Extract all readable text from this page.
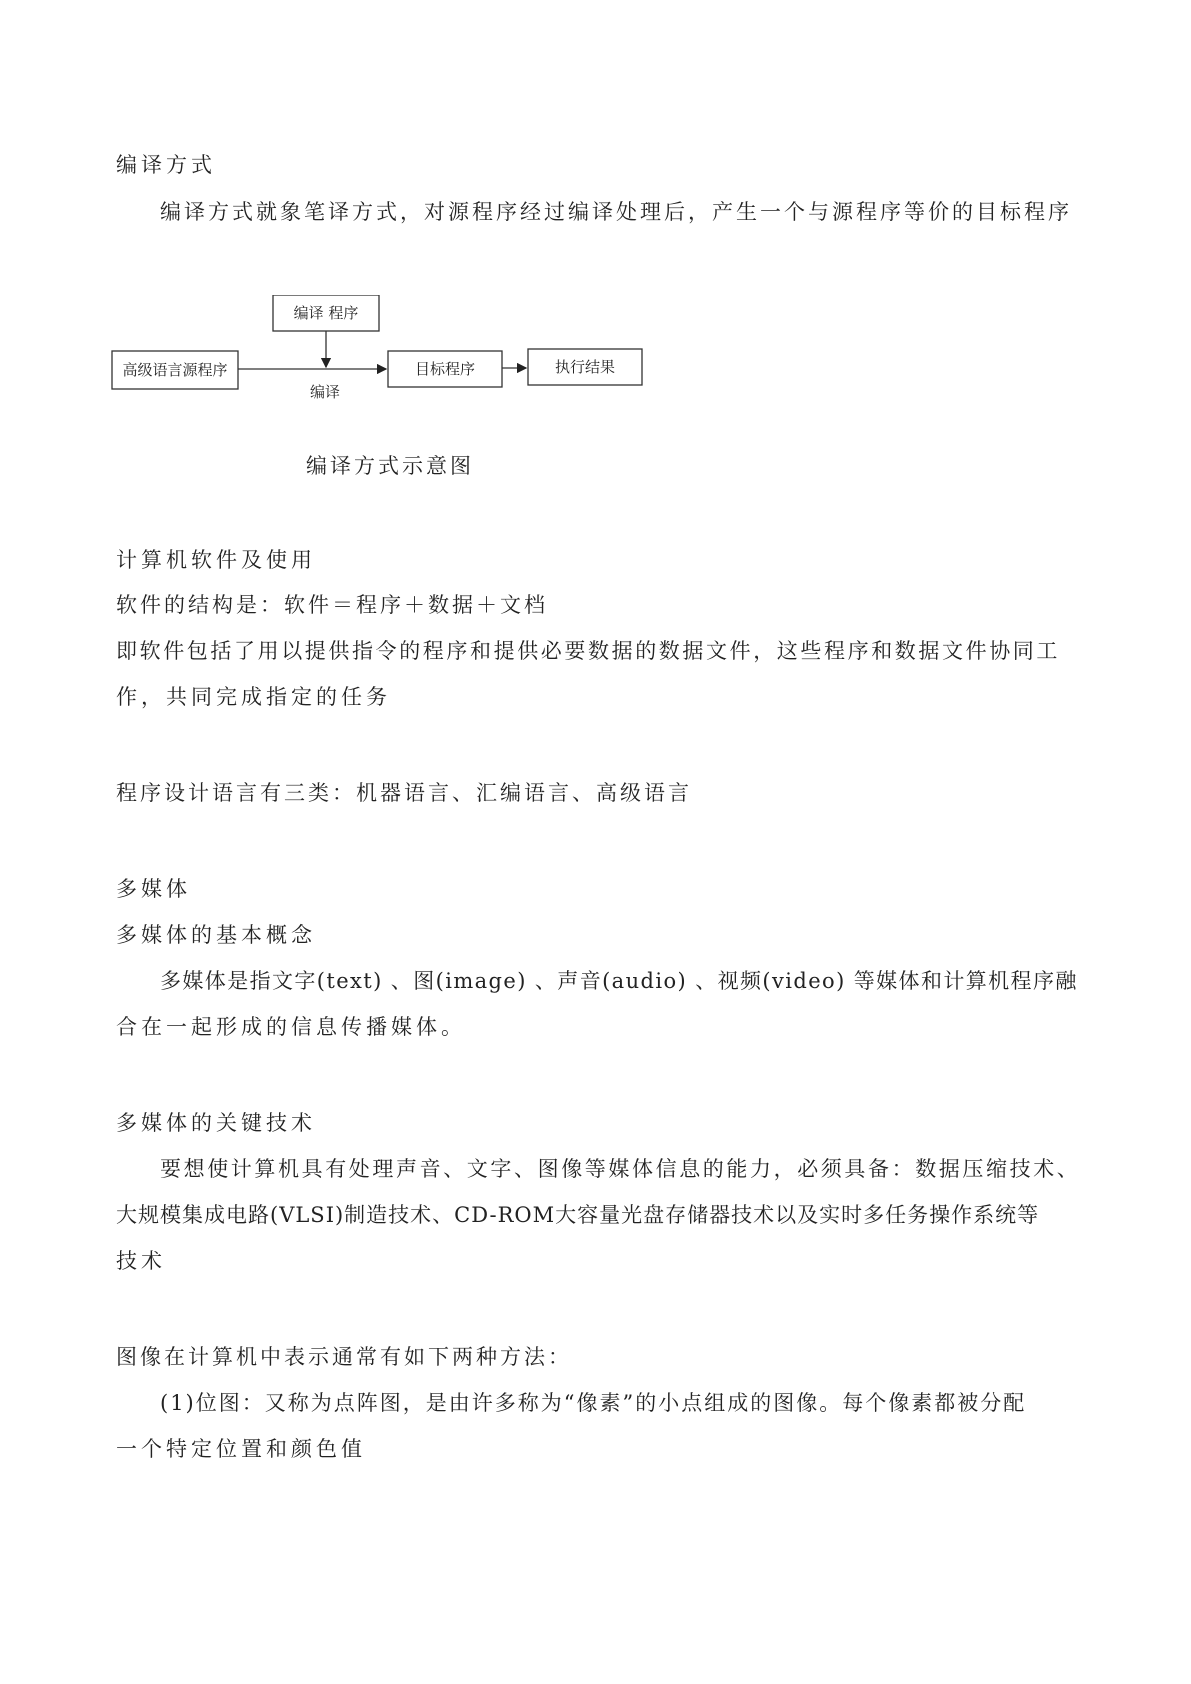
编译方式
编译方式就象笔译方式，对源程序经过编译处理后，产生一个与源程序等价的目标程序
编译 程序
高级语言源程序	目标程序	执行结果
编译
编译方式示意图
计算机软件及使用
软件的结构是：软件＝程序＋数据＋文档
即软件包括了用以提供指令的程序和提供必要数据的数据文件，这些程序和数据文件协同工
作，共同完成指定的任务
程序设计语言有三类：机器语言、汇编语言、高级语言
多媒体
多媒体的基本概念
多媒体是指文字(text) 、图(image) 、声音(audio) 、视频(video) 等媒体和计算机程序融
合在一起形成的信息传播媒体。
多媒体的关键技术
要想使计算机具有处理声音、文字、图像等媒体信息的能力，必须具备：数据压缩技术、
大规模集成电路(VLSI)制造技术、CD-ROM大容量光盘存储器技术以及实时多任务操作系统等
技术
图像在计算机中表示通常有如下两种方法：
(1)位图：又称为点阵图，是由许多称为“像素”的小点组成的图像。每个像素都被分配
一个特定位置和颜色值
